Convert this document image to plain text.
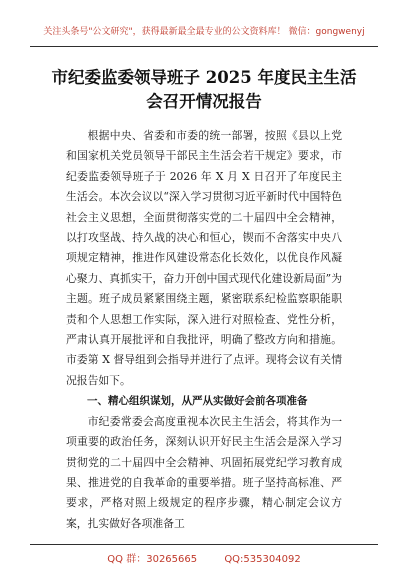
关注头条号"公文研究"，获得最新最全最专业的公文资料库！ 微信：gongwenyj
市纪委监委领导班子 2025 年度民主生活
会召开情况报告

根据中央、省委和市委的统一部署，按照《县以上党和国家机关党员领导干部民主生活会若干规定》要求，市纪委监委领导班子于 2026 年 X 月 X 日召开了年度民主生活会。本次会议以“深入学习贯彻习近平新时代中国特色社会主义思想，全面贯彻落实党的二十届四中全会精神，以打攻坚战、持久战的决心和恒心，锲而不舍落实中央八项规定精神，推进作风建设常态化长效化，以优良作风凝心聚力、真抓实干，奋力开创中国式现代化建设新局面”为主题。班子成员紧紧围绕主题，紧密联系纪检监察职能职责和个人思想工作实际，深入进行对照检查、党性分析，严肃认真开展批评和自我批评，明确了整改方向和措施。市委第 X 督导组到会指导并进行了点评。现将会议有关情况报告如下。

一、精心组织谋划，从严从实做好会前各项准备

市纪委常委会高度重视本次民主生活会，将其作为一项重要的政治任务，深刻认识开好民主生活会是深入学习贯彻党的二十届四中全会精神、巩固拓展党纪学习教育成果、推进党的自我革命的重要举措。班子坚持高标准、严要求，严格对照上级规定的程序步骤，精心制定会议方案，扎实做好各项准备工

QQ 群：30265665	QQ:535304092
